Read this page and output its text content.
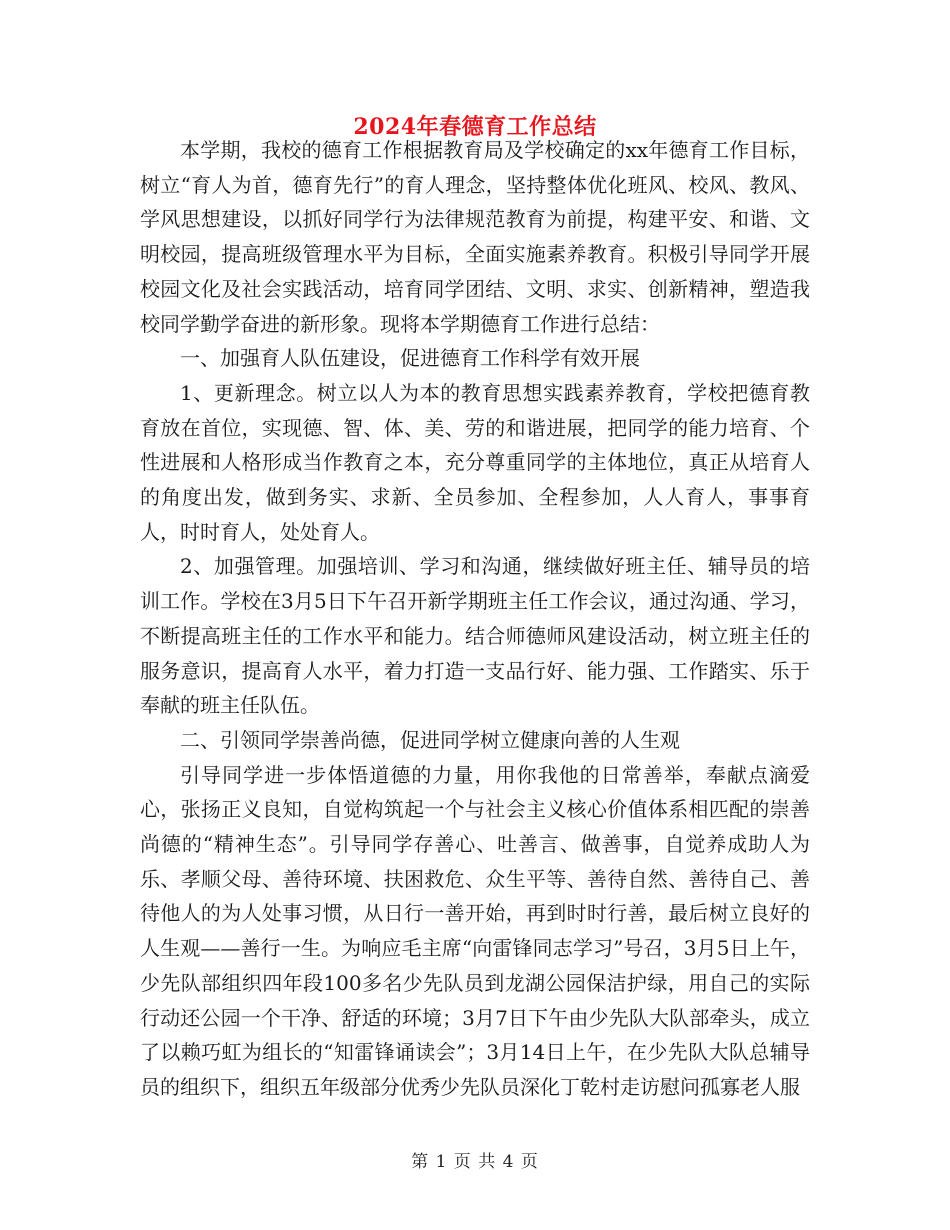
2024年春德育工作总结

本学期，我校的德育工作根据教育局及学校确定的xx年德育工作目标，树立“育人为首，德育先行”的育人理念，坚持整体优化班风、校风、教风、学风思想建设，以抓好同学行为法律规范教育为前提，构建平安、和谐、文明校园，提高班级管理水平为目标，全面实施素养教育。积极引导同学开展校园文化及社会实践活动，培育同学团结、文明、求实、创新精神，塑造我校同学勤学奋进的新形象。现将本学期德育工作进行总结：

一、加强育人队伍建设，促进德育工作科学有效开展

1、更新理念。树立以人为本的教育思想实践素养教育，学校把德育教育放在首位，实现德、智、体、美、劳的和谐进展，把同学的能力培育、个性进展和人格形成当作教育之本，充分尊重同学的主体地位，真正从培育人的角度出发，做到务实、求新、全员参加、全程参加，人人育人，事事育人，时时育人，处处育人。

2、加强管理。加强培训、学习和沟通，继续做好班主任、辅导员的培训工作。学校在3月5日下午召开新学期班主任工作会议，通过沟通、学习，不断提高班主任的工作水平和能力。结合师德师风建设活动，树立班主任的服务意识，提高育人水平，着力打造一支品行好、能力强、工作踏实、乐于奉献的班主任队伍。

二、引领同学崇善尚德，促进同学树立健康向善的人生观

引导同学进一步体悟道德的力量，用你我他的日常善举，奉献点滴爱心，张扬正义良知，自觉构筑起一个与社会主义核心价值体系相匹配的崇善尚德的“精神生态”。引导同学存善心、吐善言、做善事，自觉养成助人为乐、孝顺父母、善待环境、扶困救危、众生平等、善待自然、善待自己、善待他人的为人处事习惯，从日行一善开始，再到时时行善，最后树立良好的人生观——善行一生。为响应毛主席“向雷锋同志学习”号召，3月5日上午，少先队部组织四年段100多名少先队员到龙湖公园保洁护绿，用自己的实际行动还公园一个干净、舒适的环境；3月7日下午由少先队大队部牵头，成立了以赖巧虹为组长的“知雷锋诵读会”；3月14日上午，在少先队大队总辅导员的组织下，组织五年级部分优秀少先队员深化丁乾村走访慰问孤寡老人服

第 1 页 共 4 页
